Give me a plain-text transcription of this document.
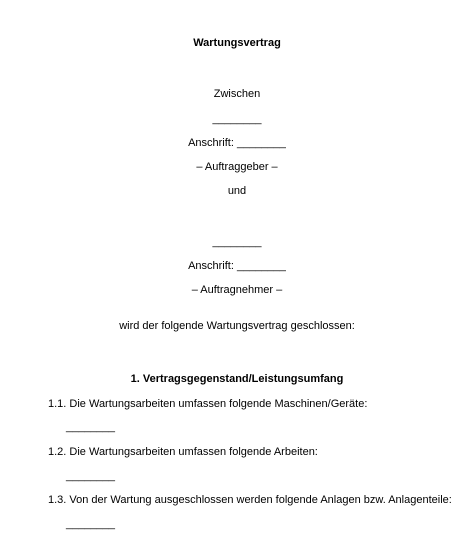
Wartungsvertrag
Zwischen
________
Anschrift: ________
– Auftraggeber –
und
________
Anschrift: ________
– Auftragnehmer –
wird der folgende Wartungsvertrag geschlossen:
1. Vertragsgegenstand/Leistungsumfang
1.1. Die Wartungsarbeiten umfassen folgende Maschinen/Geräte:
________
1.2. Die Wartungsarbeiten umfassen folgende Arbeiten:
________
1.3. Von der Wartung ausgeschlossen werden folgende Anlagen bzw. Anlagenteile:
________
